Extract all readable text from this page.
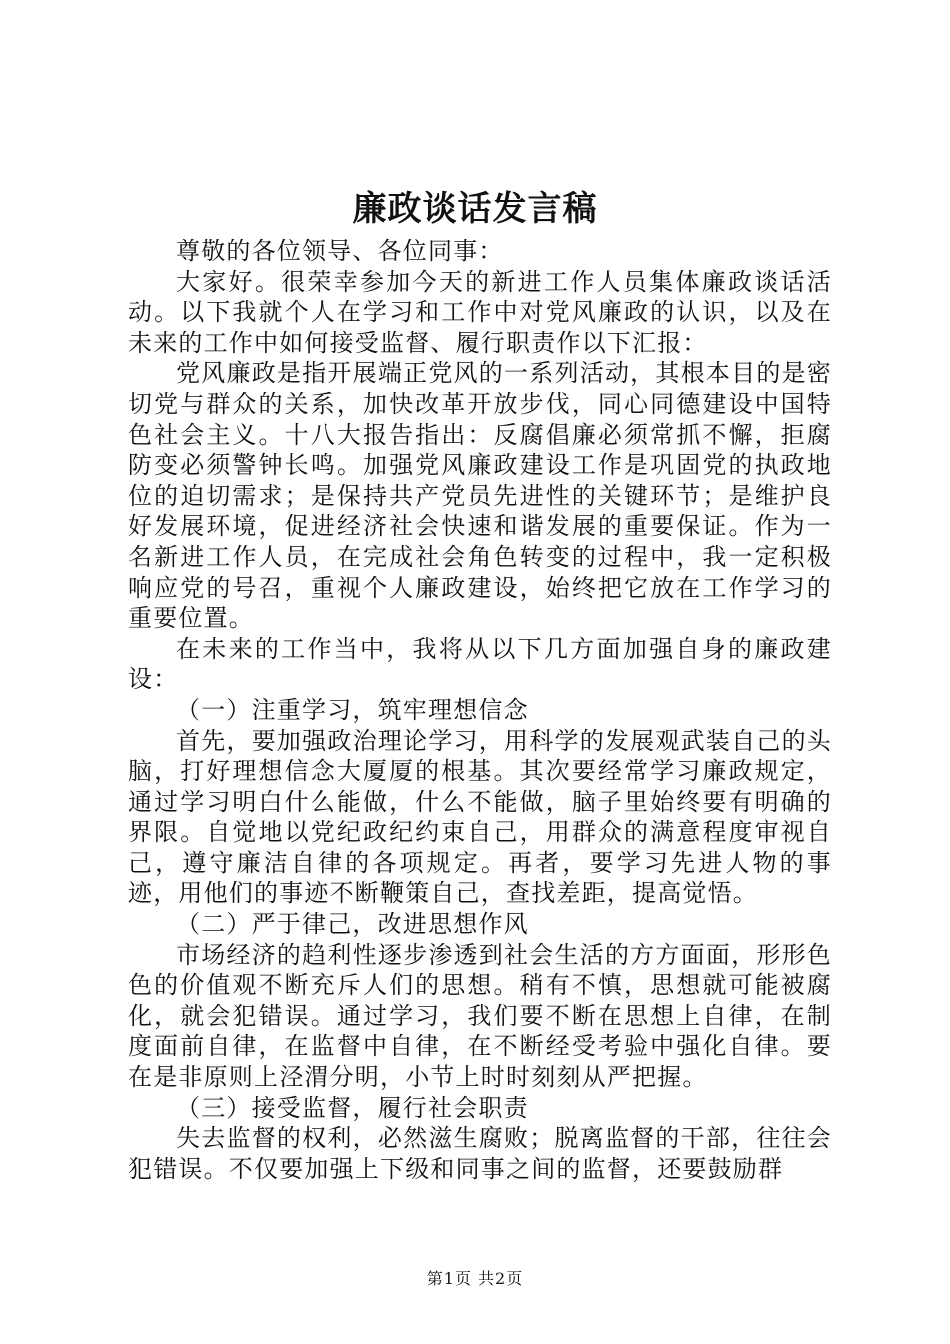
廉政谈话发言稿

尊敬的各位领导、各位同事：

大家好。很荣幸参加今天的新进工作人员集体廉政谈话活动。以下我就个人在学习和工作中对党风廉政的认识，以及在未来的工作中如何接受监督、履行职责作以下汇报：

党风廉政是指开展端正党风的一系列活动，其根本目的是密切党与群众的关系，加快改革开放步伐，同心同德建设中国特色社会主义。十八大报告指出：反腐倡廉必须常抓不懈，拒腐防变必须警钟长鸣。加强党风廉政建设工作是巩固党的执政地位的迫切需求；是保持共产党员先进性的关键环节；是维护良好发展环境，促进经济社会快速和谐发展的重要保证。作为一名新进工作人员，在完成社会角色转变的过程中，我一定积极响应党的号召，重视个人廉政建设，始终把它放在工作学习的重要位置。

在未来的工作当中，我将从以下几方面加强自身的廉政建设：

（一）注重学习，筑牢理想信念

首先，要加强政治理论学习，用科学的发展观武装自己的头脑，打好理想信念大厦厦的根基。其次要经常学习廉政规定，通过学习明白什么能做，什么不能做，脑子里始终要有明确的界限。自觉地以党纪政纪约束自己，用群众的满意程度审视自己，遵守廉洁自律的各项规定。再者，要学习先进人物的事迹，用他们的事迹不断鞭策自己，查找差距，提高觉悟。

（二）严于律己，改进思想作风

市场经济的趋利性逐步渗透到社会生活的方方面面，形形色色的价值观不断充斥人们的思想。稍有不慎，思想就可能被腐化，就会犯错误。通过学习，我们要不断在思想上自律，在制度面前自律，在监督中自律，在不断经受考验中强化自律。要在是非原则上泾渭分明，小节上时时刻刻从严把握。

（三）接受监督，履行社会职责

失去监督的权利，必然滋生腐败；脱离监督的干部，往往会犯错误。不仅要加强上下级和同事之间的监督，还要鼓励群

第1页 共2页
